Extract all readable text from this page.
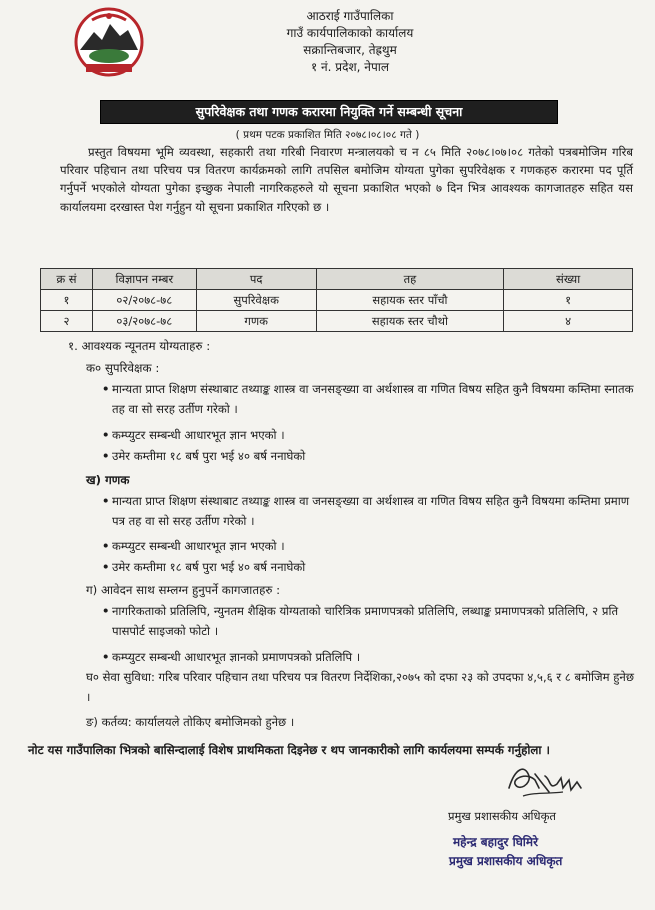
आठराई गाउँपालिका
गाउँ कार्यपालिकाको कार्यालय
सक्रान्तिबजार, तेह्रथुम
१ नं. प्रदेश, नेपाल
सुपरिवेक्षक तथा गणक करारमा नियुक्ति गर्ने सम्बन्धी सूचना
( प्रथम पटक प्रकाशित मिति २०७८।०८।०८ गते )
प्रस्तुत विषयमा भूमि व्यवस्था, सहकारी तथा गरिबी निवारण मन्त्रालयको च न ८५ मिति २०७८।०७।०८ गतेको पत्रबमोजिम गरिब परिवार पहिचान तथा परिचय पत्र वितरण कार्यक्रमको लागि तपसिल बमोजिम योग्यता पुगेका सुपरिवेक्षक र गणकहरु करारमा पद पूर्ति गर्नुपर्ने भएकोले योग्यता पुगेका इच्छुक नेपाली नागरिकहरुले यो सूचना प्रकाशित भएको ७ दिन भित्र आवश्यक कागजातहरु सहित यस कार्यालयमा दरखास्त पेश गर्नुहुन यो सूचना प्रकाशित गरिएको छ ।
क्र सं	विज्ञापन नम्बर	पद	तह	संख्या
१	०२/२०७८-७८	सुपरिवेक्षक	सहायक स्तर पाँचौ	१
२	०३/२०७८-७८	गणक	सहायक स्तर चौथो	४
१. आवश्यक न्यूनतम योग्यताहरु :
क० सुपरिवेक्षक :
• मान्यता प्राप्त शिक्षण संस्थाबाट तथ्याङ्क शास्त्र वा जनसङ्ख्या वा अर्थशास्त्र वा गणित विषय सहित कुनै विषयमा कम्तिमा स्नातक तह वा सो सरह उर्तीण गरेको ।
• कम्प्युटर सम्बन्धी आधारभूत ज्ञान भएको ।
• उमेर कम्तीमा १८ बर्ष पुरा भई ४० बर्ष ननाघेको
ख) गणक
• मान्यता प्राप्त शिक्षण संस्थाबाट तथ्याङ्क शास्त्र वा जनसङ्ख्या वा अर्थशास्त्र वा गणित विषय सहित कुनै विषयमा कम्तिमा प्रमाण पत्र तह वा सो सरह उर्तीण गरेको ।
• कम्प्युटर सम्बन्धी आधारभूत ज्ञान भएको ।
• उमेर कम्तीमा १८ बर्ष पुरा भई ४० बर्ष ननाघेको
ग) आवेदन साथ सम्लग्न हुनुपर्ने कागजातहरु :
• नागरिकताको प्रतिलिपि, न्युनतम शैक्षिक योग्यताको चारित्रिक प्रमाणपत्रको प्रतिलिपि, लब्धाङ्क प्रमाणपत्रको प्रतिलिपि, २ प्रति पासपोर्ट साइजको फोटो ।
• कम्प्युटर सम्बन्धी आधारभूत ज्ञानको प्रमाणपत्रको प्रतिलिपि ।
घ० सेवा सुविधा: गरिब परिवार पहिचान तथा परिचय पत्र वितरण निर्देशिका,२०७५ को दफा २३ को उपदफा ४,५,६ र ८ बमोजिम हुनेछ ।
ङ) कर्तव्य: कार्यालयले तोकिए बमोजिमको हुनेछ ।
नोट यस गाउँपालिका भित्रको बासिन्दालाई विशेष प्राथमिकता दिइनेछ र थप जानकारीको लागि कार्यलयमा सम्पर्क गर्नुहोला ।
प्रमुख प्रशासकीय अधिकृत
महेन्द्र बहादुर घिमिरे
प्रमुख प्रशासकीय अधिकृत
